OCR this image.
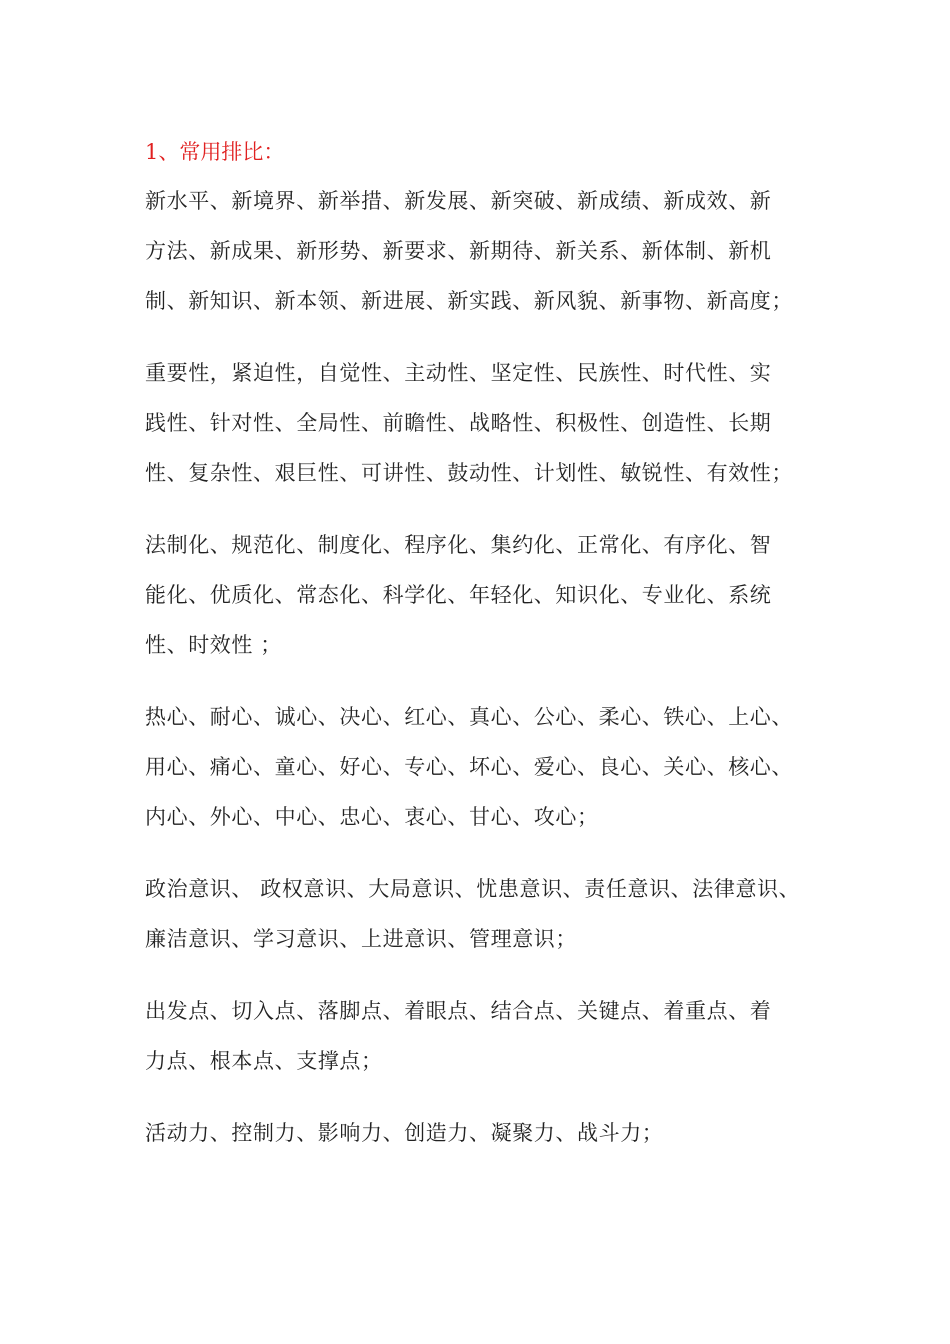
1、常用排比：
新水平、新境界、新举措、新发展、新突破、新成绩、新成效、新
方法、新成果、新形势、新要求、新期待、新关系、新体制、新机
制、新知识、新本领、新进展、新实践、新风貌、新事物、新高度；
重要性，紧迫性，自觉性、主动性、坚定性、民族性、时代性、实
践性、针对性、全局性、前瞻性、战略性、积极性、创造性、长期
性、复杂性、艰巨性、可讲性、鼓动性、计划性、敏锐性、有效性；
法制化、规范化、制度化、程序化、集约化、正常化、有序化、智
能化、优质化、常态化、科学化、年轻化、知识化、专业化、系统
性、时效性 ；
热心、耐心、诚心、决心、红心、真心、公心、柔心、铁心、上心、
用心、痛心、童心、好心、专心、坏心、爱心、良心、关心、核心、
内心、外心、中心、忠心、衷心、甘心、攻心；
政治意识、 政权意识、大局意识、忧患意识、责任意识、法律意识、
廉洁意识、学习意识、上进意识、管理意识；
出发点、切入点、落脚点、着眼点、结合点、关键点、着重点、着
力点、根本点、支撑点；
活动力、控制力、影响力、创造力、凝聚力、战斗力；
